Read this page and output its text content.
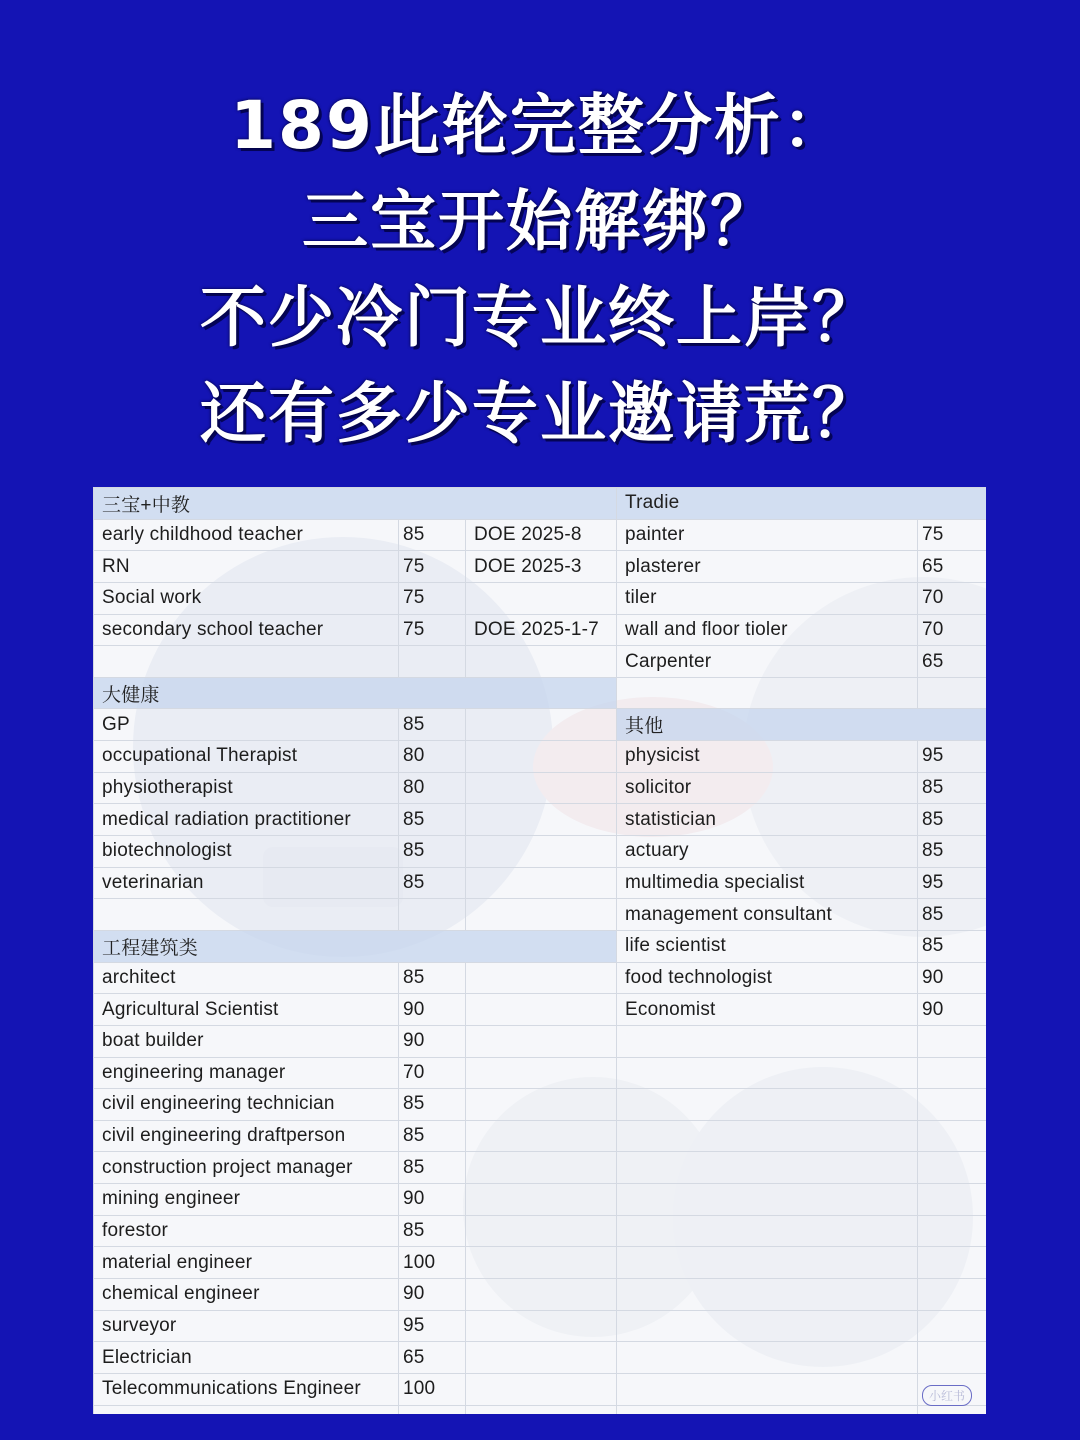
189此轮完整分析：
三宝开始解绑？
不少冷门专业终上岸？
还有多少专业邀请荒？
三宝+中教			Tradie	
early childhood teacher	85	DOE 2025-8	painter	75
RN	75	DOE 2025-3	plasterer	65
Social work	75		tiler	70
secondary school teacher	75	DOE 2025-1-7	wall and floor tioler	70
			Carpenter	65
大健康				
GP	85		其他	
occupational Therapist	80		physicist	95
physiotherapist	80		solicitor	85
medical radiation practitioner	85		statistician	85
biotechnologist	85		actuary	85
veterinarian	85		multimedia specialist	95
			management consultant	85
工程建筑类			life scientist	85
architect	85		food technologist	90
Agricultural Scientist	90		Economist	90
boat builder	90			
engineering manager	70			
civil engineering technician	85			
civil engineering draftperson	85			
construction project manager	85			
mining engineer	90			
forestor	85			
material engineer	100			
chemical engineer	90			
surveyor	95			
Electrician	65			
Telecommunications Engineer	100			
					小红书
